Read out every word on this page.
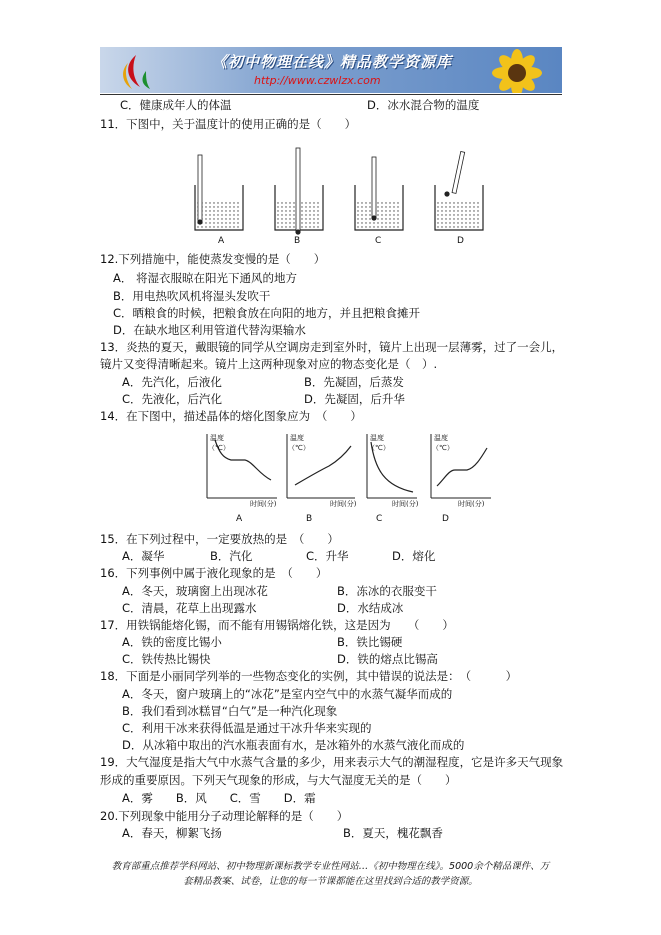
《初中物理在线》精品教学资源库
http://www.czwlzx.com
C．健康成年人的体温	D．冰水混合物的温度
11．下图中，关于温度计的使用正确的是（　　）
12.下列措施中，能使蒸发变慢的是（　　）
A． 将湿衣服晾在阳光下通风的地方
B．用电热吹风机将湿头发吹干
C．晒粮食的时候，把粮食放在向阳的地方，并且把粮食摊开
D．在缺水地区利用管道代替沟渠输水
13．炎热的夏天，戴眼镜的同学从空调房走到室外时，镜片上出现一层薄雾，过了一会儿，
镜片又变得清晰起来。镜片上这两种现象对应的物态变化是（　）.
A．先汽化，后液化	B．先凝固，后蒸发
C．先液化，后汽化	D．先凝固，后升华
14．在下图中，描述晶体的熔化图象应为　（　　）
15．在下列过程中，一定要放热的是　（　　）
A．凝华	B．汽化	C．升华	D．熔化
16．下列事例中属于液化现象的是　（　　）
A．冬天，玻璃窗上出现冰花	B．冻冰的衣服变干
C．清晨，花草上出现露水	D．水结成冰
17．用铁锅能熔化锡，而不能有用锡锅熔化铁，这是因为　　（　　）
A．铁的密度比锡小	B．铁比锡硬
C．铁传热比锡快	D．铁的熔点比锡高
18．下面是小丽同学列举的一些物态变化的实例，其中错误的说法是：　（　　　）
A．冬天，窗户玻璃上的“冰花”是室内空气中的水蒸气凝华而成的
B．我们看到冰糕冒“白气”是一种汽化现象
C．利用干冰来获得低温是通过干冰升华来实现的
D．从冰箱中取出的汽水瓶表面有水，是冰箱外的水蒸气液化而成的
19．大气湿度是指大气中水蒸气含量的多少，用来表示大气的潮湿程度，它是许多天气现象
形成的重要原因。下列天气现象的形成，与大气湿度无关的是（　　）
A．雾　　B．风　　C．雪　　D．霜
20.下列现象中能用分子动理论解释的是（　　）
A．春天，柳絮飞扬	B．夏天，槐花飘香
A	B	C	D
温度
（℃）
时间(分)
A
温度
（℃）
时间(分)
B
温度
（℃）
时间(分)
C
温度
（℃）
时间(分)
D
教育部重点推荐学科网站、初中物理新课标教学专业性网站…《初中物理在线》。5000余个精品课件、万
套精品教案、试卷，让您的每一节课都能在这里找到合适的教学资源。
